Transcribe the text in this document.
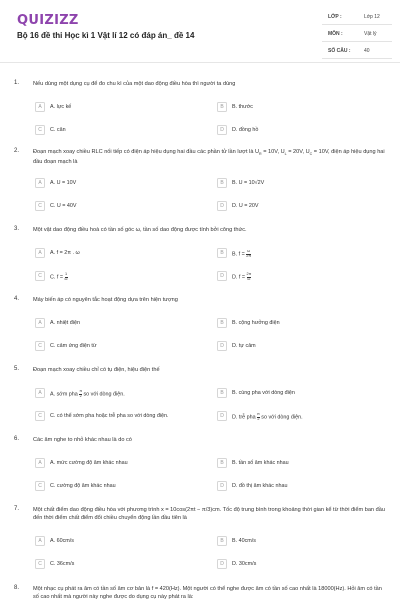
QUIZIZZ
Bộ 16 đề thi Học kì 1 Vật lí 12 có đáp án_ đề 14
LỚP :	Lớp 12
MÔN :	Vật lý
SỐ CÂU :	40
1. Nếu dùng một dụng cụ để đo chu kì của một dao động điều hòa thì người ta dùng
A	A. lực kế	B	B. thước
C	C. cân	D	D. đồng hồ
2. Đoạn mạch xoay chiều RLC nối tiếp có điện áp hiệu dụng hai đầu các phần tử lần lượt là $U_R = 10V$, $U_L = 20V$, $U_C = 10V$, điện áp hiệu dụng hai đầu đoạn mạch là
A	A. U = 10V	B	B. U = 10√2V
C	C. U = 40V	D	D. U = 20V
3. Một vật dao động điều hoà có tần số góc ω, tần số dao động được tính bởi công thức.
A	A. f = 2π . ω	B	B. $f = \frac{\omega}{2\pi}$
C	C. $f = \frac{1}{\omega}$	D	D. $f = \frac{2\pi}{\omega}$
4. Máy biến áp có nguyên tắc hoạt động dựa trên hiện tượng
A	A. nhiệt điện	B	B. cộng hưởng điện
C	C. cảm ứng điện từ	D	D. tự cảm
5. Đoạn mạch xoay chiều chỉ có tụ điện, hiệu điện thế
A	A. sớm pha $\frac{\pi}{2}$ so với dòng điện.	B	B. cùng pha với dòng điện
C	C. có thể sớm pha hoặc trễ pha so với dòng điện.	D	D. trễ pha $\frac{\pi}{2}$ so với dòng điện.
6. Các âm nghe to nhỏ khác nhau là do có
A	A. mức cường độ âm khác nhau	B	B. tần số âm khác nhau
C	C. cường độ âm khác nhau	D	D. đồ thị âm khác nhau
7. Một chất điểm dao động điều hòa với phương trình x = 10cos(2πt − π/3)cm. Tốc độ trung bình trong khoảng thời gian kể từ thời điểm ban đầu đến thời điểm chất điểm đổi chiều chuyển động lần đầu tiên là
A	A. 60cm/s	B	B. 40cm/s
C	C. 36cm/s	D	D. 30cm/s
8. Một nhạc cụ phát ra âm có tần số âm cơ bản là f = 420(Hz). Một người có thể nghe được âm có tần số cao nhất là 18000(Hz). Hỏi âm có tần số cao nhất mà người này nghe được do dụng cụ này phát ra là:
